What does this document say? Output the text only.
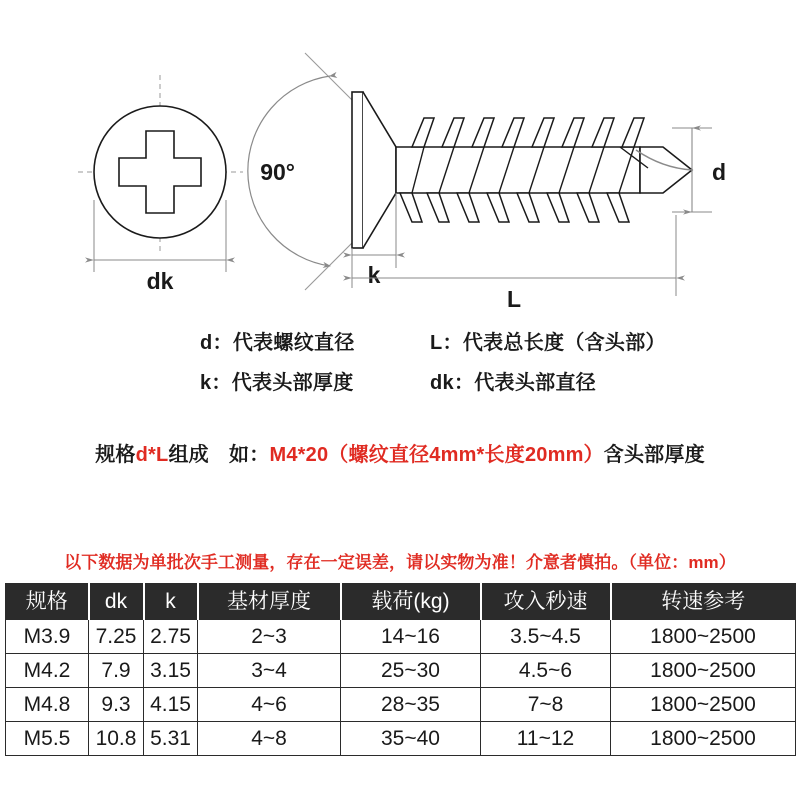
dk
90°	d
k
L
d：代表螺纹直径	L：代表总长度（含头部）
k：代表头部厚度	dk：代表头部直径
规格d*L组成　如：M4*20（螺纹直径4mm*长度20mm）含头部厚度
以下数据为单批次手工测量，存在一定误差，请以实物为准！介意者慎拍。（单位：mm）
规格	dk	k	基材厚度	载荷(kg)	攻入秒速	转速参考
M3.9	7.25	2.75	2~3	14~16	3.5~4.5	1800~2500
M4.2	7.9	3.15	3~4	25~30	4.5~6	1800~2500
M4.8	9.3	4.15	4~6	28~35	7~8	1800~2500
M5.5	10.8	5.31	4~8	35~40	11~12	1800~2500
